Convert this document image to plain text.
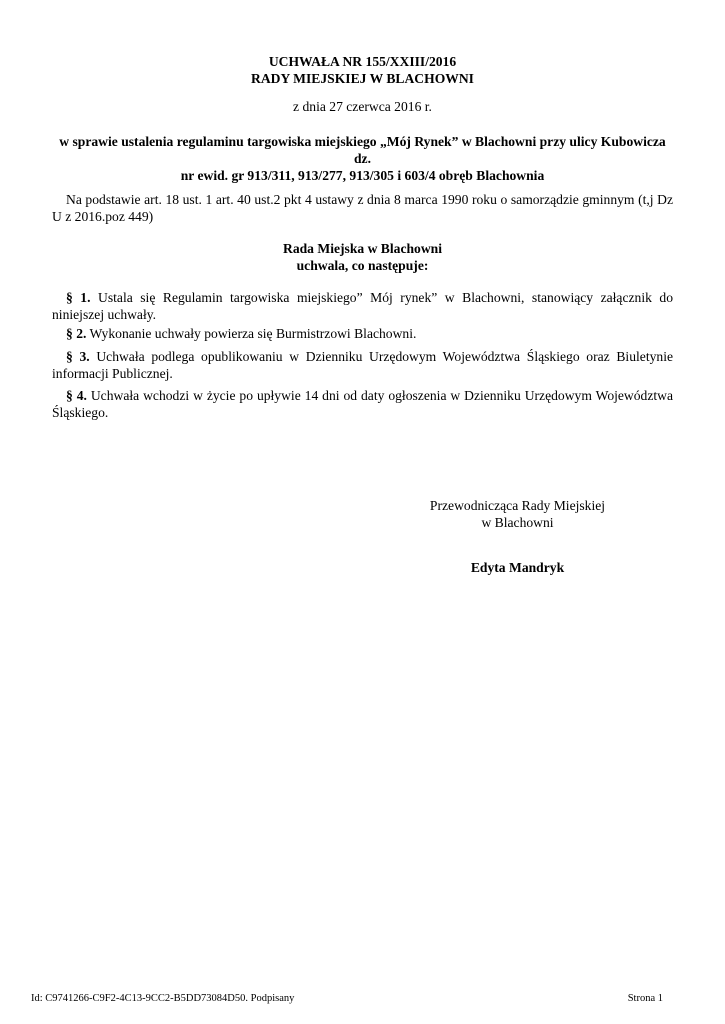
UCHWAŁA NR 155/XXIII/2016
RADY MIEJSKIEJ W BLACHOWNI
z dnia 27 czerwca 2016 r.
w sprawie ustalenia regulaminu targowiska miejskiego „Mój Rynek” w Blachowni przy ulicy Kubowicza dz.
nr ewid. gr 913/311, 913/277, 913/305 i 603/4 obręb Blachownia
Na podstawie art. 18 ust. 1 art. 40 ust.2 pkt 4 ustawy z dnia 8 marca 1990 roku o samorządzie gminnym (t,j Dz U z 2016.poz 449)
Rada Miejska w Blachowni
uchwala, co następuje:
§ 1. Ustala się Regulamin targowiska miejskiego” Mój rynek” w Blachowni, stanowiący załącznik do niniejszej uchwały.
§ 2. Wykonanie uchwały powierza się Burmistrzowi Blachowni.
§ 3. Uchwała podlega opublikowaniu w Dzienniku Urzędowym Województwa Śląskiego oraz Biuletynie informacji Publicznej.
§ 4. Uchwała wchodzi w życie po upływie 14 dni od daty ogłoszenia w Dzienniku Urzędowym Województwa Śląskiego.
Przewodnicząca Rady Miejskiej
w Blachowni
Edyta Mandryk
Id: C9741266-C9F2-4C13-9CC2-B5DD73084D50. Podpisany	Strona 1
